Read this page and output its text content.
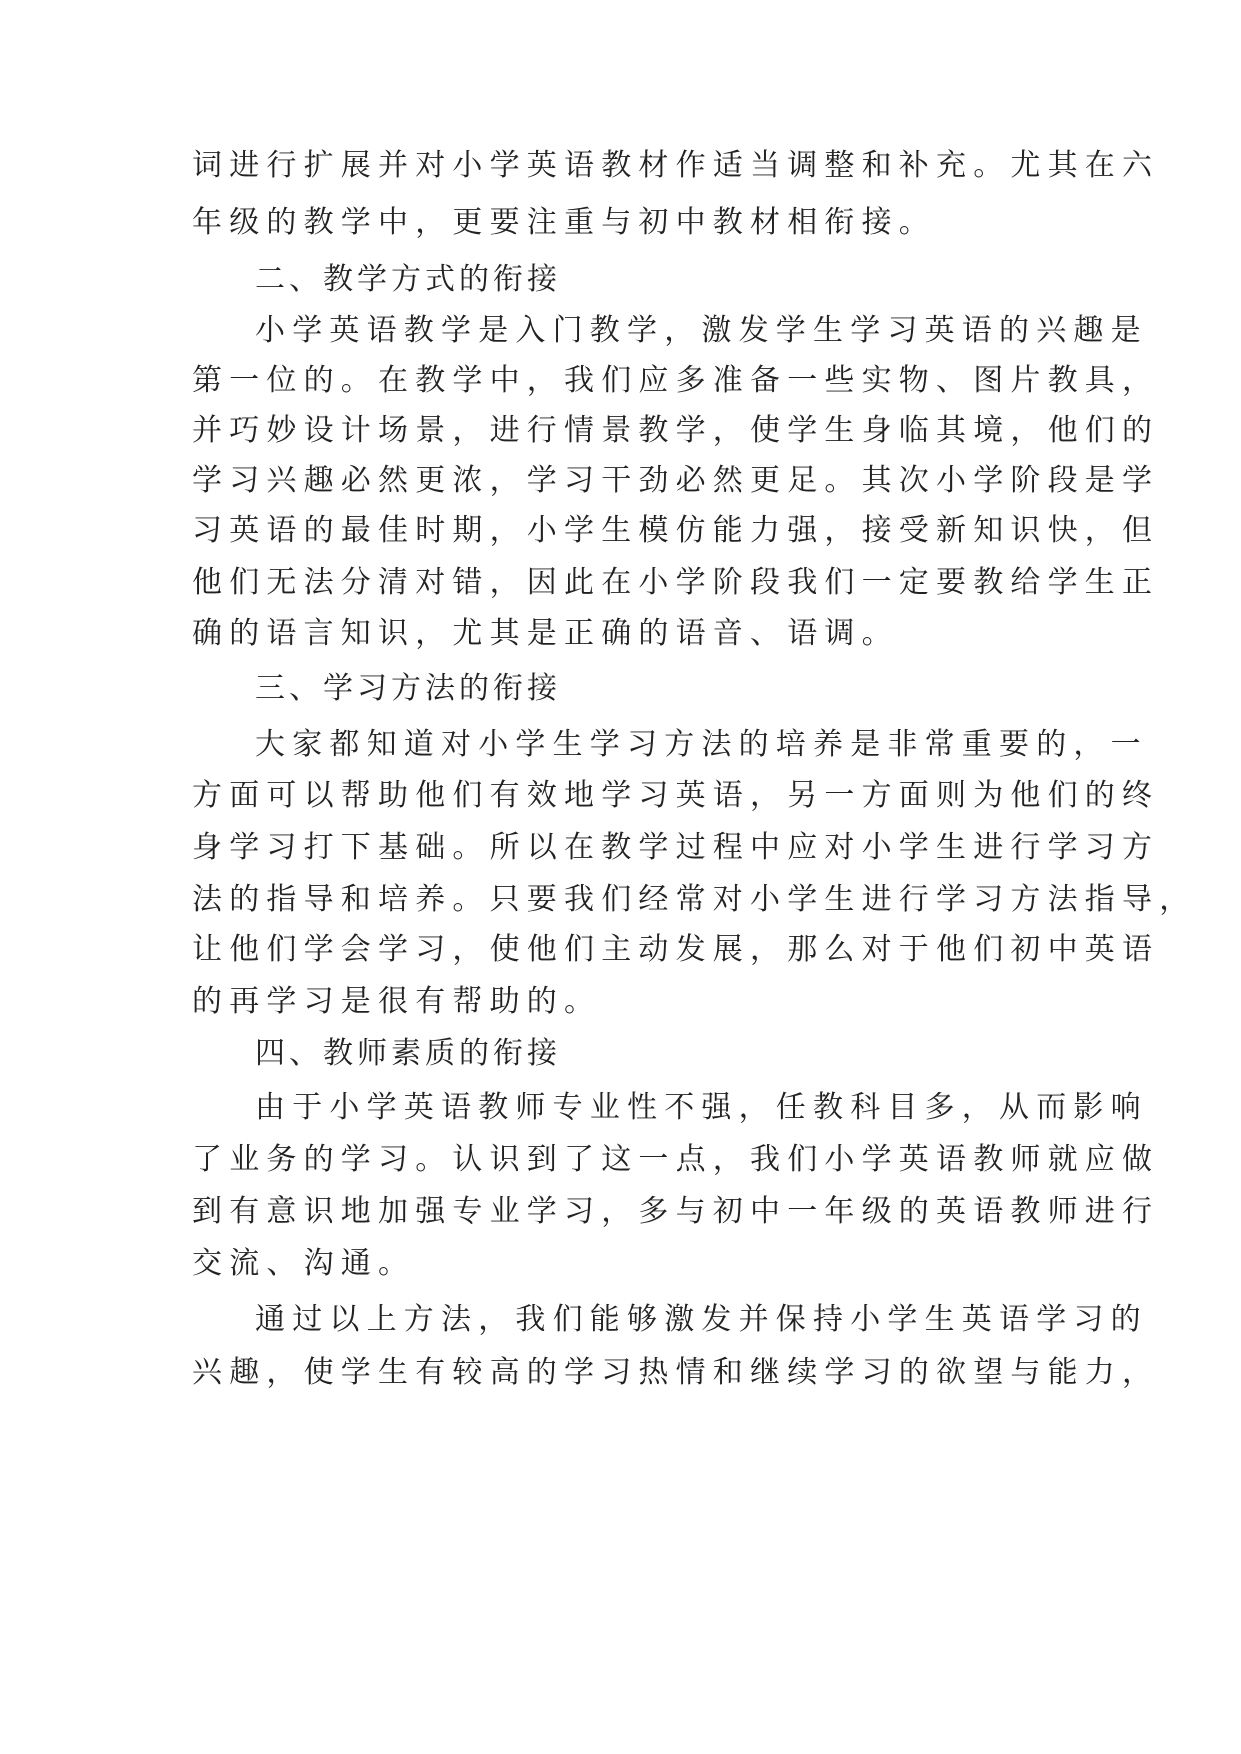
词进行扩展并对小学英语教材作适当调整和补充。尤其在六
年级的教学中，更要注重与初中教材相衔接。
二、教学方式的衔接
小学英语教学是入门教学，激发学生学习英语的兴趣是
第一位的。在教学中，我们应多准备一些实物、图片教具，
并巧妙设计场景，进行情景教学，使学生身临其境，他们的
学习兴趣必然更浓，学习干劲必然更足。其次小学阶段是学
习英语的最佳时期，小学生模仿能力强，接受新知识快，但
他们无法分清对错，因此在小学阶段我们一定要教给学生正
确的语言知识，尤其是正确的语音、语调。
三、学习方法的衔接
大家都知道对小学生学习方法的培养是非常重要的，一
方面可以帮助他们有效地学习英语，另一方面则为他们的终
身学习打下基础。所以在教学过程中应对小学生进行学习方
法的指导和培养。只要我们经常对小学生进行学习方法指导，
让他们学会学习，使他们主动发展，那么对于他们初中英语
的再学习是很有帮助的。
四、教师素质的衔接
由于小学英语教师专业性不强，任教科目多，从而影响
了业务的学习。认识到了这一点，我们小学英语教师就应做
到有意识地加强专业学习，多与初中一年级的英语教师进行
交流、沟通。
通过以上方法，我们能够激发并保持小学生英语学习的
兴趣，使学生有较高的学习热情和继续学习的欲望与能力，
